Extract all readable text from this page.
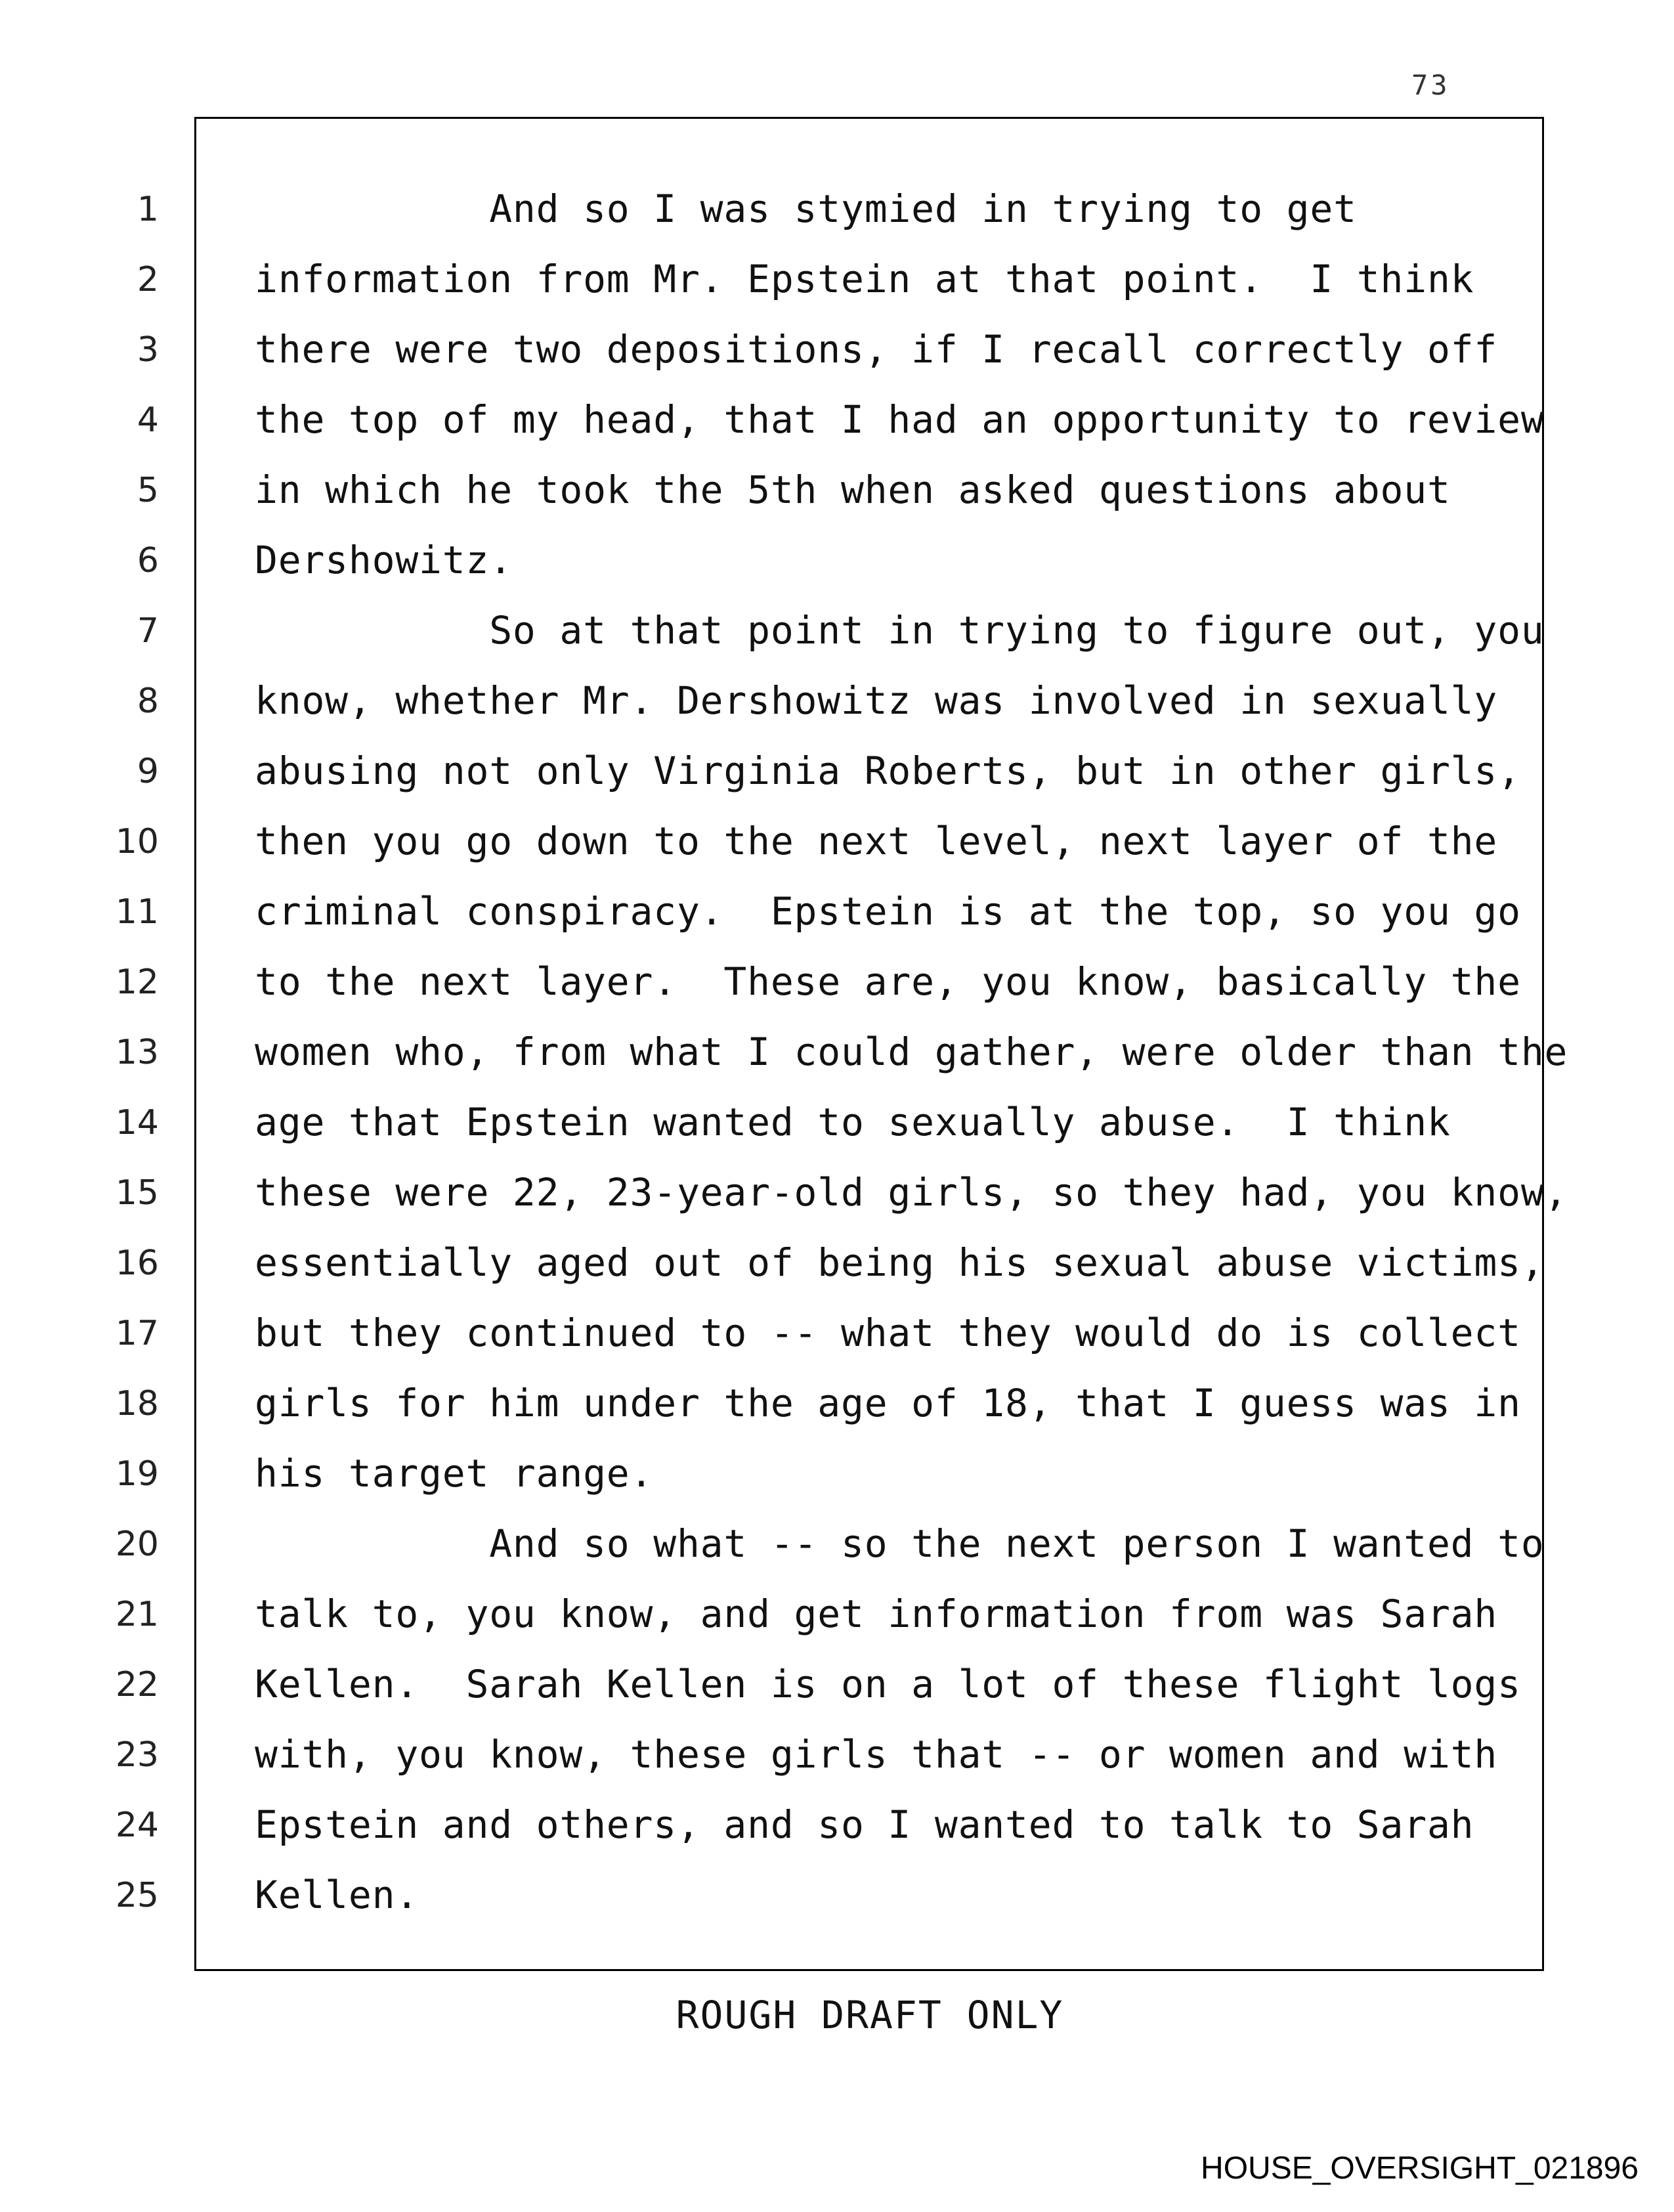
73
1
2
3
4
5
6
7
8
9
10
11
12
13
14
15
16
17
18
19
20
21
22
23
24
25
And so I was stymied in trying to get
information from Mr. Epstein at that point.  I think
there were two depositions, if I recall correctly off
the top of my head, that I had an opportunity to review
in which he took the 5th when asked questions about
Dershowitz.
So at that point in trying to figure out, you
know, whether Mr. Dershowitz was involved in sexually
abusing not only Virginia Roberts, but in other girls,
then you go down to the next level, next layer of the
criminal conspiracy.  Epstein is at the top, so you go
to the next layer.  These are, you know, basically the
women who, from what I could gather, were older than the
age that Epstein wanted to sexually abuse.  I think
these were 22, 23-year-old girls, so they had, you know,
essentially aged out of being his sexual abuse victims,
but they continued to -- what they would do is collect
girls for him under the age of 18, that I guess was in
his target range.
And so what -- so the next person I wanted to
talk to, you know, and get information from was Sarah
Kellen.  Sarah Kellen is on a lot of these flight logs
with, you know, these girls that -- or women and with
Epstein and others, and so I wanted to talk to Sarah
Kellen.
ROUGH DRAFT ONLY
HOUSE_OVERSIGHT_021896
